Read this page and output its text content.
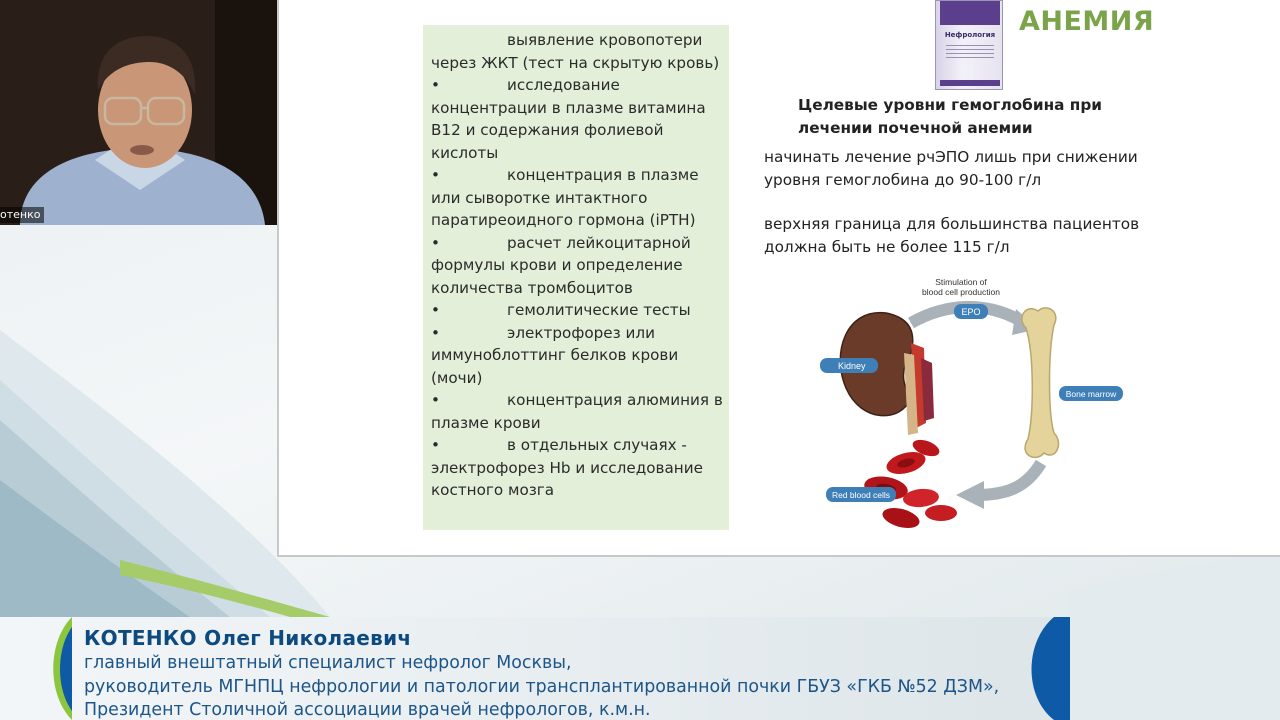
отенко
выявление кровопотери
через ЖКТ (тест на скрытую кровь)
•	исследование
концентрации в плазме витамина
В12 и содержания фолиевой
кислоты
•	концентрация в плазме
или сыворотке интактного
паратиреоидного гормона (iPTH)
•	расчет лейкоцитарной
формулы крови и определение
количества тромбоцитов
•	гемолитические тесты
•	электрофорез или
иммуноблоттинг белков крови
(мочи)
•	концентрация алюминия в
плазме крови
•	в отдельных случаях -
электрофорез Hb и исследование
костного мозга
Нефрология АНЕМИЯ
Целевые уровни гемоглобина при
лечении почечной анемии
начинать лечение рчЭПО лишь при снижении
уровня гемоглобина до 90-100 г/л
верхняя граница для большинства пациентов
должна быть не более 115 г/л
Stimulation of
blood cell production
EPO
Kidney
Bone marrow
Red blood cells
КОТЕНКО Олег Николаевич
главный внештатный специалист нефролог Москвы,
руководитель МГНПЦ нефрологии и патологии трансплантированной почки ГБУЗ «ГКБ №52 ДЗМ»,
Президент Столичной ассоциации врачей нефрологов, к.м.н.
